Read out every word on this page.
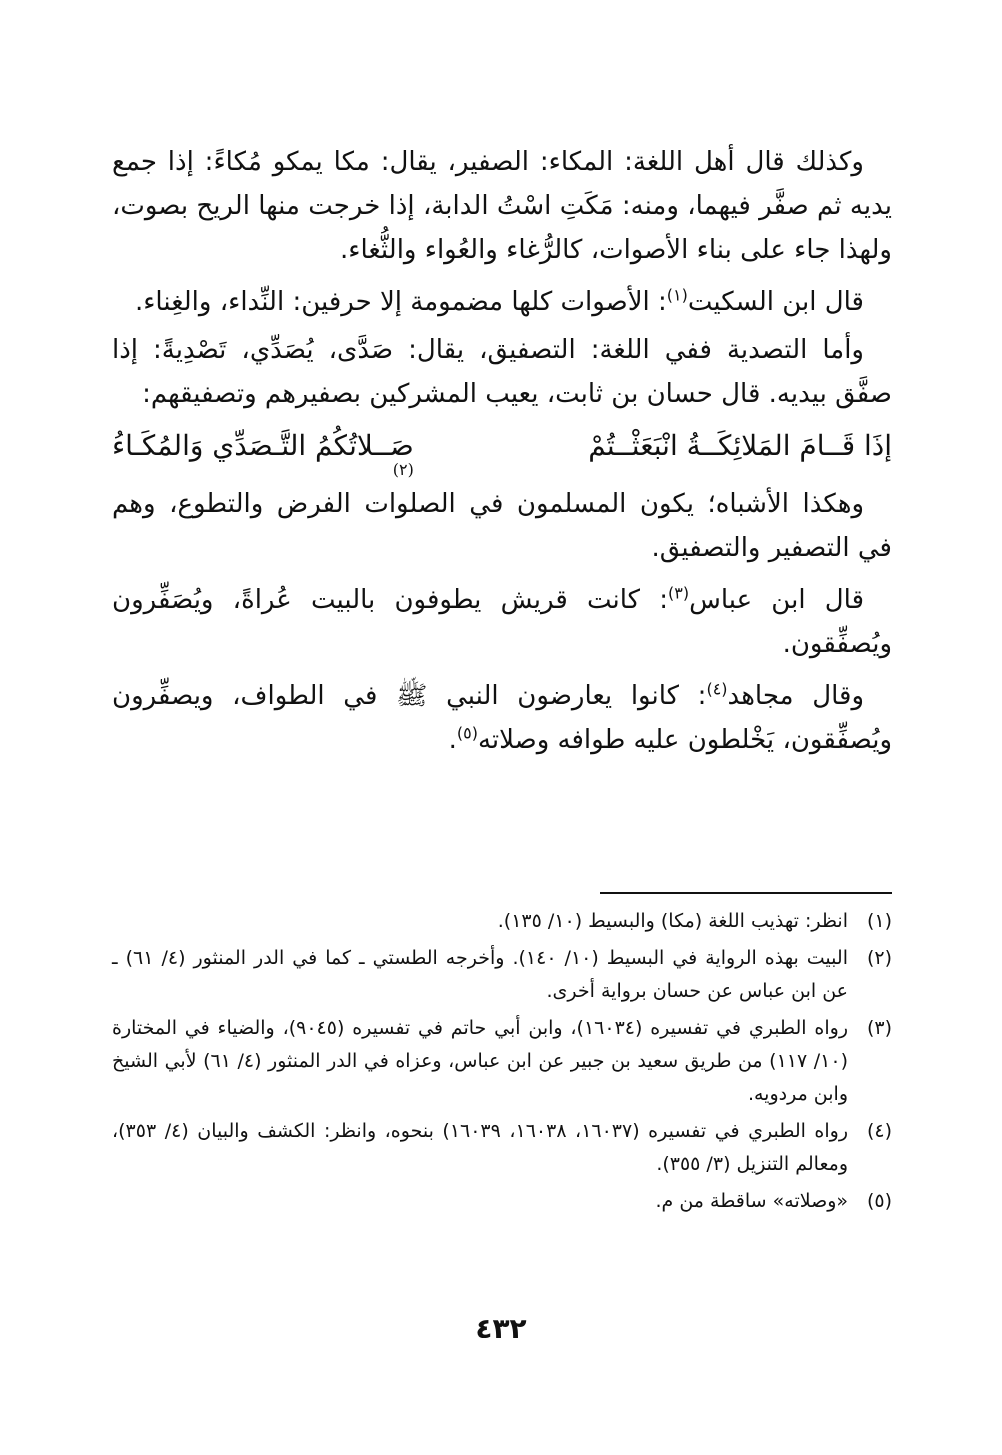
وكذلك قال أهل اللغة: المكاء: الصفير، يقال: مكا يمكو مُكاءً: إذا جمع يديه ثم صفَّر فيهما، ومنه: مَكَتِ اسْتُ الدابة، إذا خرجت منها الريح بصوت، ولهذا جاء على بناء الأصوات، كالرُّغاء والعُواء والثُّغاء.

قال ابن السكيت$^{(١)}$: الأصوات كلها مضمومة إلا حرفين: النِّداء، والغِناء.

وأما التصدية ففي اللغة: التصفيق، يقال: صَدَّى، يُصَدِّي، تَصْدِيةً: إذا صفَّق بيديه. قال حسان بن ثابت، يعيب المشركين بصفيرهم وتصفيقهم:

إذَا قَــامَ المَلائِكَــةُ انْبَعَثْــتُمْ
صَــلاتُكُمُ التَّـصَدِّي وَالمُكَـاءُ
(٢)

وهكذا الأشباه؛ يكون المسلمون في الصلوات الفرض والتطوع، وهم في التصفير والتصفيق.

قال ابن عباس$^{(٣)}$: كانت قريش يطوفون بالبيت عُراةً، ويُصَفِّرون ويُصفِّقون.

وقال مجاهد$^{(٤)}$: كانوا يعارضون النبي ﷺ في الطواف، ويصفِّرون ويُصفِّقون، يَخْلطون عليه طوافه وصلاته$^{(٥)}$.

(١)
انظر: تهذيب اللغة (مكا) والبسيط (١٠/ ١٣٥).
(٢)
البيت بهذه الرواية في البسيط (١٠/ ١٤٠). وأخرجه الطستي ـ كما في الدر المنثور (٤/ ٦١) ـ عن ابن عباس عن حسان برواية أخرى.
(٣)
رواه الطبري في تفسيره (١٦٠٣٤)، وابن أبي حاتم في تفسيره (٩٠٤٥)، والضياء في المختارة (١٠/ ١١٧) من طريق سعيد بن جبير عن ابن عباس، وعزاه في الدر المنثور (٤/ ٦١) لأبي الشيخ وابن مردويه.
(٤)
رواه الطبري في تفسيره (١٦٠٣٧، ١٦٠٣٨، ١٦٠٣٩) بنحوه، وانظر: الكشف والبيان (٤/ ٣٥٣)، ومعالم التنزيل (٣/ ٣٥٥).
(٥)
«وصلاته» ساقطة من م.
٤٣٢
